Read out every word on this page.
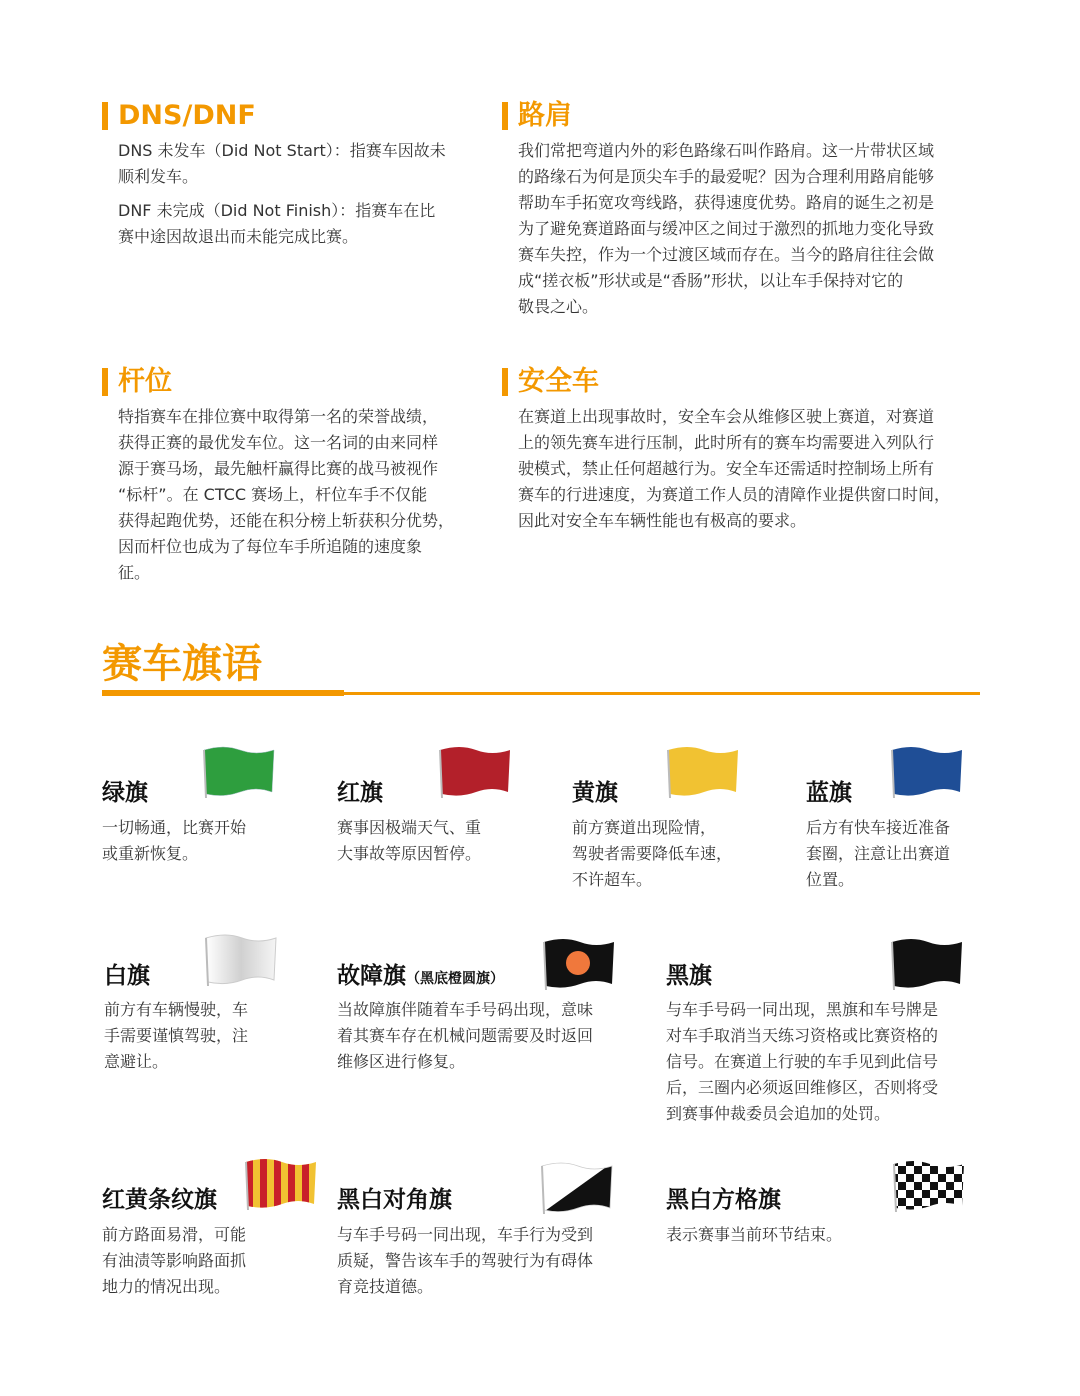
DNS/DNF

DNS 未发车（Did Not Start）：指赛车因故未

顺利发车。

DNF 未完成（Did Not Finish）：指赛车在比

赛中途因故退出而未能完成比赛。

路肩

我们常把弯道内外的彩色路缘石叫作路肩。这一片带状区域

的路缘石为何是顶尖车手的最爱呢？因为合理利用路肩能够

帮助车手拓宽攻弯线路，获得速度优势。路肩的诞生之初是

为了避免赛道路面与缓冲区之间过于激烈的抓地力变化导致

赛车失控，作为一个过渡区域而存在。当今的路肩往往会做

成“搓衣板”形状或是“香肠”形状，以让车手保持对它的

敬畏之心。

杆位

特指赛车在排位赛中取得第一名的荣誉战绩，

获得正赛的最优发车位。这一名词的由来同样

源于赛马场，最先触杆赢得比赛的战马被视作

“标杆”。在 CTCC 赛场上，杆位车手不仅能

获得起跑优势，还能在积分榜上斩获积分优势，

因而杆位也成为了每位车手所追随的速度象

征。

安全车

在赛道上出现事故时，安全车会从维修区驶上赛道，对赛道

上的领先赛车进行压制，此时所有的赛车均需要进入列队行

驶模式，禁止任何超越行为。安全车还需适时控制场上所有

赛车的行进速度，为赛道工作人员的清障作业提供窗口时间，

因此对安全车车辆性能也有极高的要求。

赛车旗语
绿旗

一切畅通，比赛开始

或重新恢复。

红旗

赛事因极端天气、重

大事故等原因暂停。

黄旗

前方赛道出现险情，

驾驶者需要降低车速，

不许超车。

蓝旗

后方有快车接近准备

套圈，注意让出赛道

位置。

白旗

前方有车辆慢驶，车

手需要谨慎驾驶，注

意避让。

故障旗（黑底橙圆旗）

当故障旗伴随着车手号码出现，意味

着其赛车存在机械问题需要及时返回

维修区进行修复。

黑旗

与车手号码一同出现，黑旗和车号牌是

对车手取消当天练习资格或比赛资格的

信号。在赛道上行驶的车手见到此信号

后，三圈内必须返回维修区，否则将受

到赛事仲裁委员会追加的处罚。

红黄条纹旗

前方路面易滑，可能

有油渍等影响路面抓

地力的情况出现。

黑白对角旗

与车手号码一同出现，车手行为受到

质疑，警告该车手的驾驶行为有碍体

育竞技道德。

黑白方格旗

表示赛事当前环节结束。
